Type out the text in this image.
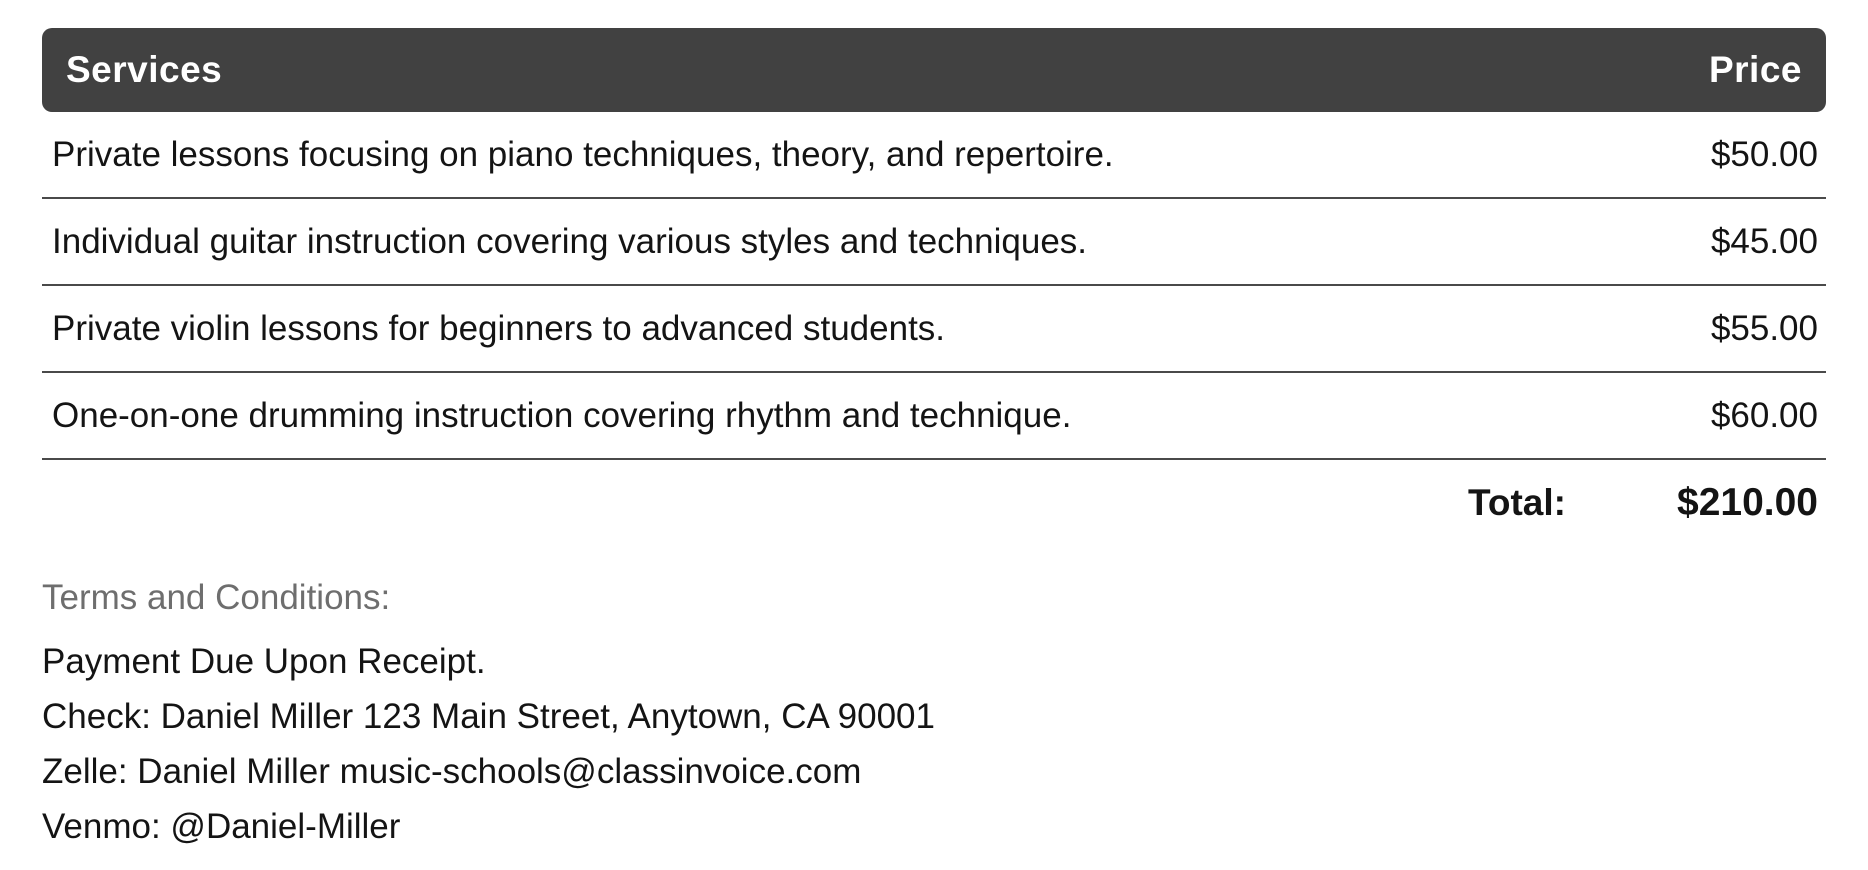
Services	Price
Private lessons focusing on piano techniques, theory, and repertoire.	$50.00
Individual guitar instruction covering various styles and techniques.	$45.00
Private violin lessons for beginners to advanced students.	$55.00
One-on-one drumming instruction covering rhythm and technique.	$60.00
Total:	$210.00
Terms and Conditions:
Payment Due Upon Receipt.
Check: Daniel Miller 123 Main Street, Anytown, CA 90001
Zelle: Daniel Miller music-schools@classinvoice.com
Venmo: @Daniel-Miller
